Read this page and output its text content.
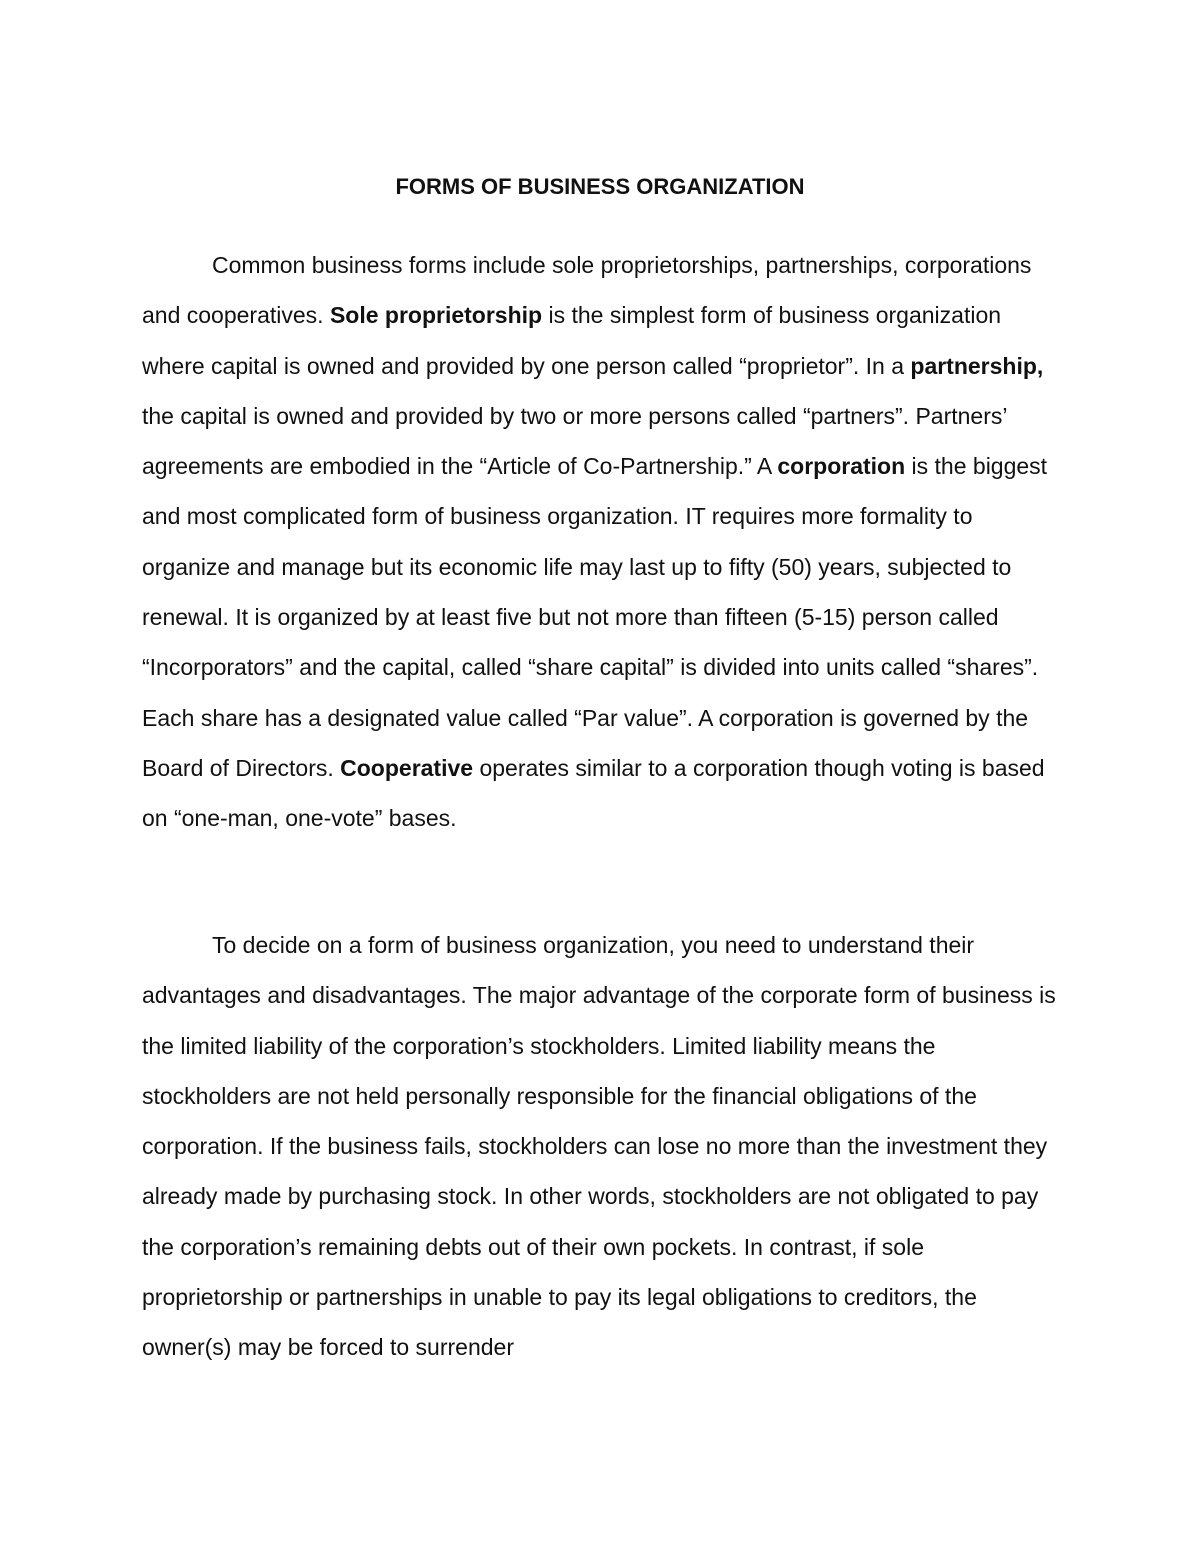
FORMS OF BUSINESS ORGANIZATION

Common business forms include sole proprietorships, partnerships, corporations and cooperatives. Sole proprietorship is the simplest form of business organization where capital is owned and provided by one person called “proprietor”. In a partnership, the capital is owned and provided by two or more persons called “partners”. Partners’ agreements are embodied in the “Article of Co-Partnership.” A corporation is the biggest and most complicated form of business organization. IT requires more formality to organize and manage but its economic life may last up to fifty (50) years, subjected to renewal. It is organized by at least five but not more than fifteen (5-15) person called “Incorporators” and the capital, called “share capital” is divided into units called “shares”. Each share has a designated value called “Par value”. A corporation is governed by the Board of Directors. Cooperative operates similar to a corporation though voting is based on “one-man, one-vote” bases.

To decide on a form of business organization, you need to understand their advantages and disadvantages. The major advantage of the corporate form of business is the limited liability of the corporation’s stockholders. Limited liability means the stockholders are not held personally responsible for the financial obligations of the corporation. If the business fails, stockholders can lose no more than the investment they already made by purchasing stock. In other words, stockholders are not obligated to pay the corporation’s remaining debts out of their own pockets. In contrast, if sole proprietorship or partnerships in unable to pay its legal obligations to creditors, the owner(s) may be forced to surrender
